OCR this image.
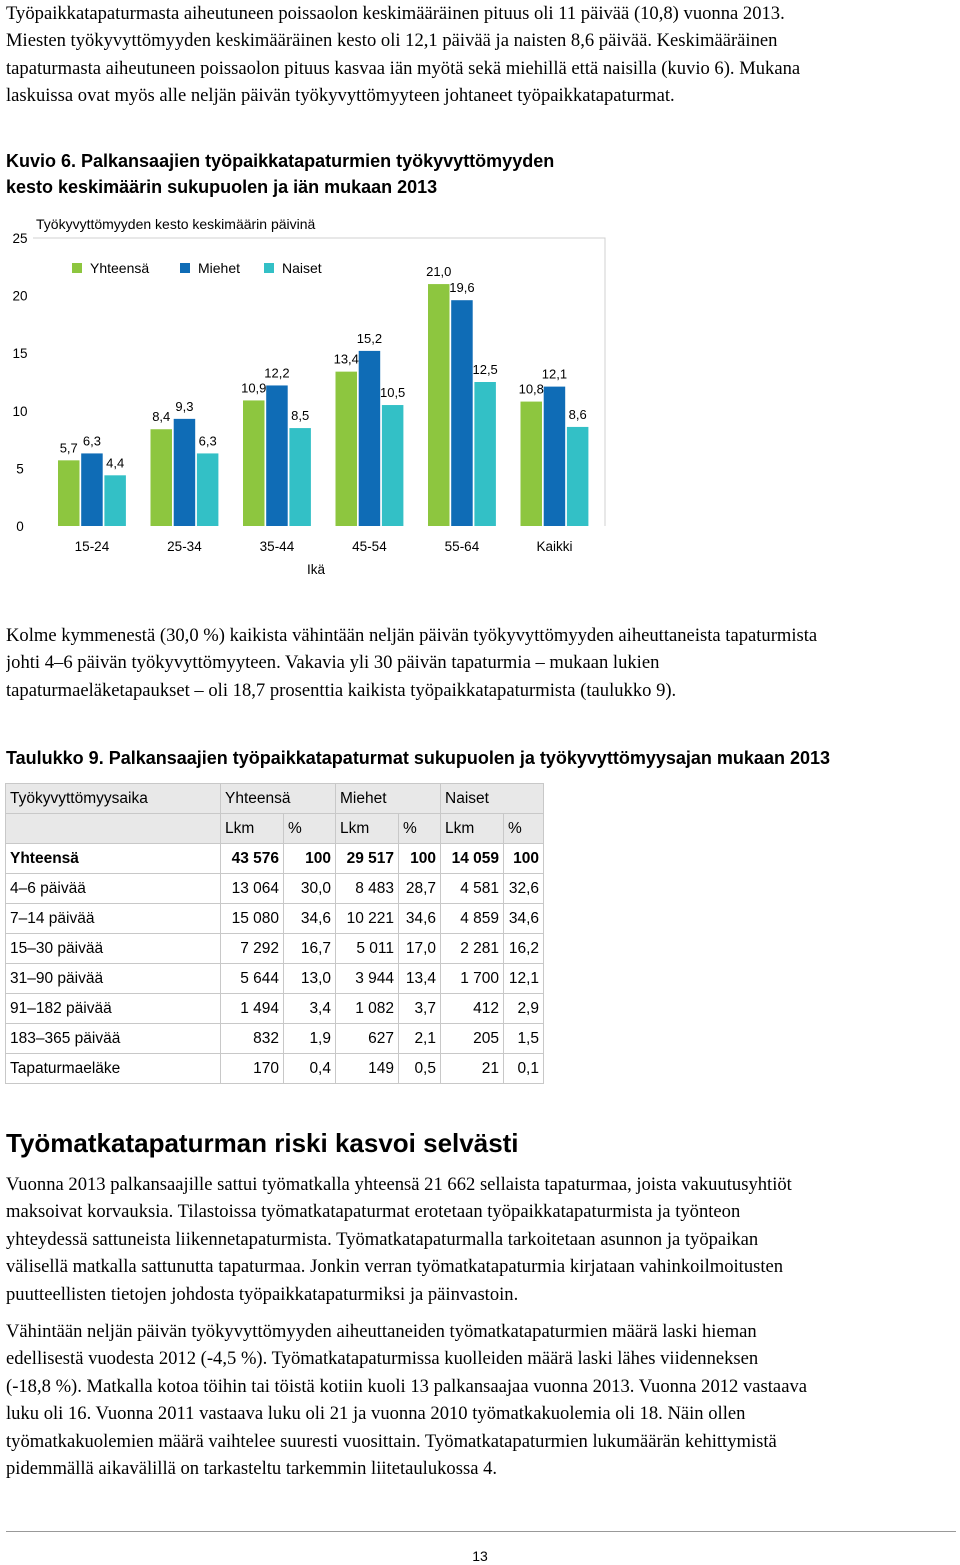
Työpaikkatapaturmasta aiheutuneen poissaolon keskimääräinen pituus oli 11 päivää (10,8) vuonna 2013.

Miesten työkyvyttömyyden keskimääräinen kesto oli 12,1 päivää ja naisten 8,6 päivää. Keskimääräinen

tapaturmasta aiheutuneen poissaolon pituus kasvaa iän myötä sekä miehillä että naisilla (kuvio 6). Mukana

laskuissa ovat myös alle neljän päivän työkyvyttömyyteen johtaneet työpaikkatapaturmat.

Kuvio 6. Palkansaajien työpaikkatapaturmien työkyvyttömyyden

kesto keskimäärin sukupuolen ja iän mukaan 2013

Työkyvyttömyyden kesto keskimäärin päivinä
0
5
10
15
20
25
Yhteensä	Miehet	Naiset
5,7 6,3
4,4
15-24
8,4
9,3
6,3
25-34
10,9
12,2
8,5
35-44
13,4
15,2
10,5
45-54
21,0
19,6
12,5
55-64
10,8
12,1
8,6
Kaikki
Ikä

Kolme kymmenestä (30,0 %) kaikista vähintään neljän päivän työkyvyttömyyden aiheuttaneista tapaturmista

johti 4–6 päivän työkyvyttömyyteen. Vakavia yli 30 päivän tapaturmia – mukaan lukien

tapaturmaeläketapaukset – oli 18,7 prosenttia kaikista työpaikkatapaturmista (taulukko 9).

Taulukko 9. Palkansaajien työpaikkatapaturmat sukupuolen ja työkyvyttömyysajan mukaan 2013

Työkyvyttömyysaika	Yhteensä		Miehet		Naiset	
	Lkm	%	Lkm	%	Lkm	%
Yhteensä	43 576	100	29 517	100	14 059	100
4–6 päivää	13 064	30,0	8 483	28,7	4 581	32,6
7–14 päivää	15 080	34,6	10 221	34,6	4 859	34,6
15–30 päivää	7 292	16,7	5 011	17,0	2 281	16,2
31–90 päivää	5 644	13,0	3 944	13,4	1 700	12,1
91–182 päivää	1 494	3,4	1 082	3,7	412	2,9
183–365 päivää	832	1,9	627	2,1	205	1,5
Tapaturmaeläke	170	0,4	149	0,5	21	0,1
Työmatkatapaturman riski kasvoi selvästi

Vuonna 2013 palkansaajille sattui työmatkalla yhteensä 21 662 sellaista tapaturmaa, joista vakuutusyhtiöt

maksoivat korvauksia. Tilastoissa työmatkatapaturmat erotetaan työpaikkatapaturmista ja työnteon

yhteydessä sattuneista liikennetapaturmista. Työmatkatapaturmalla tarkoitetaan asunnon ja työpaikan

välisellä matkalla sattunutta tapaturmaa. Jonkin verran työmatkatapaturmia kirjataan vahinkoilmoitusten

puutteellisten tietojen johdosta työpaikkatapaturmiksi ja päinvastoin.

Vähintään neljän päivän työkyvyttömyyden aiheuttaneiden työmatkatapaturmien määrä laski hieman

edellisestä vuodesta 2012 (-4,5 %). Työmatkatapaturmissa kuolleiden määrä laski lähes viidenneksen

(-18,8 %). Matkalla kotoa töihin tai töistä kotiin kuoli 13 palkansaajaa vuonna 2013. Vuonna 2012 vastaava

luku oli 16. Vuonna 2011 vastaava luku oli 21 ja vuonna 2010 työmatkakuolemia oli 18. Näin ollen

työmatkakuolemien määrä vaihtelee suuresti vuosittain. Työmatkatapaturmien lukumäärän kehittymistä

pidemmällä aikavälillä on tarkasteltu tarkemmin liitetaulukossa 4.

13
